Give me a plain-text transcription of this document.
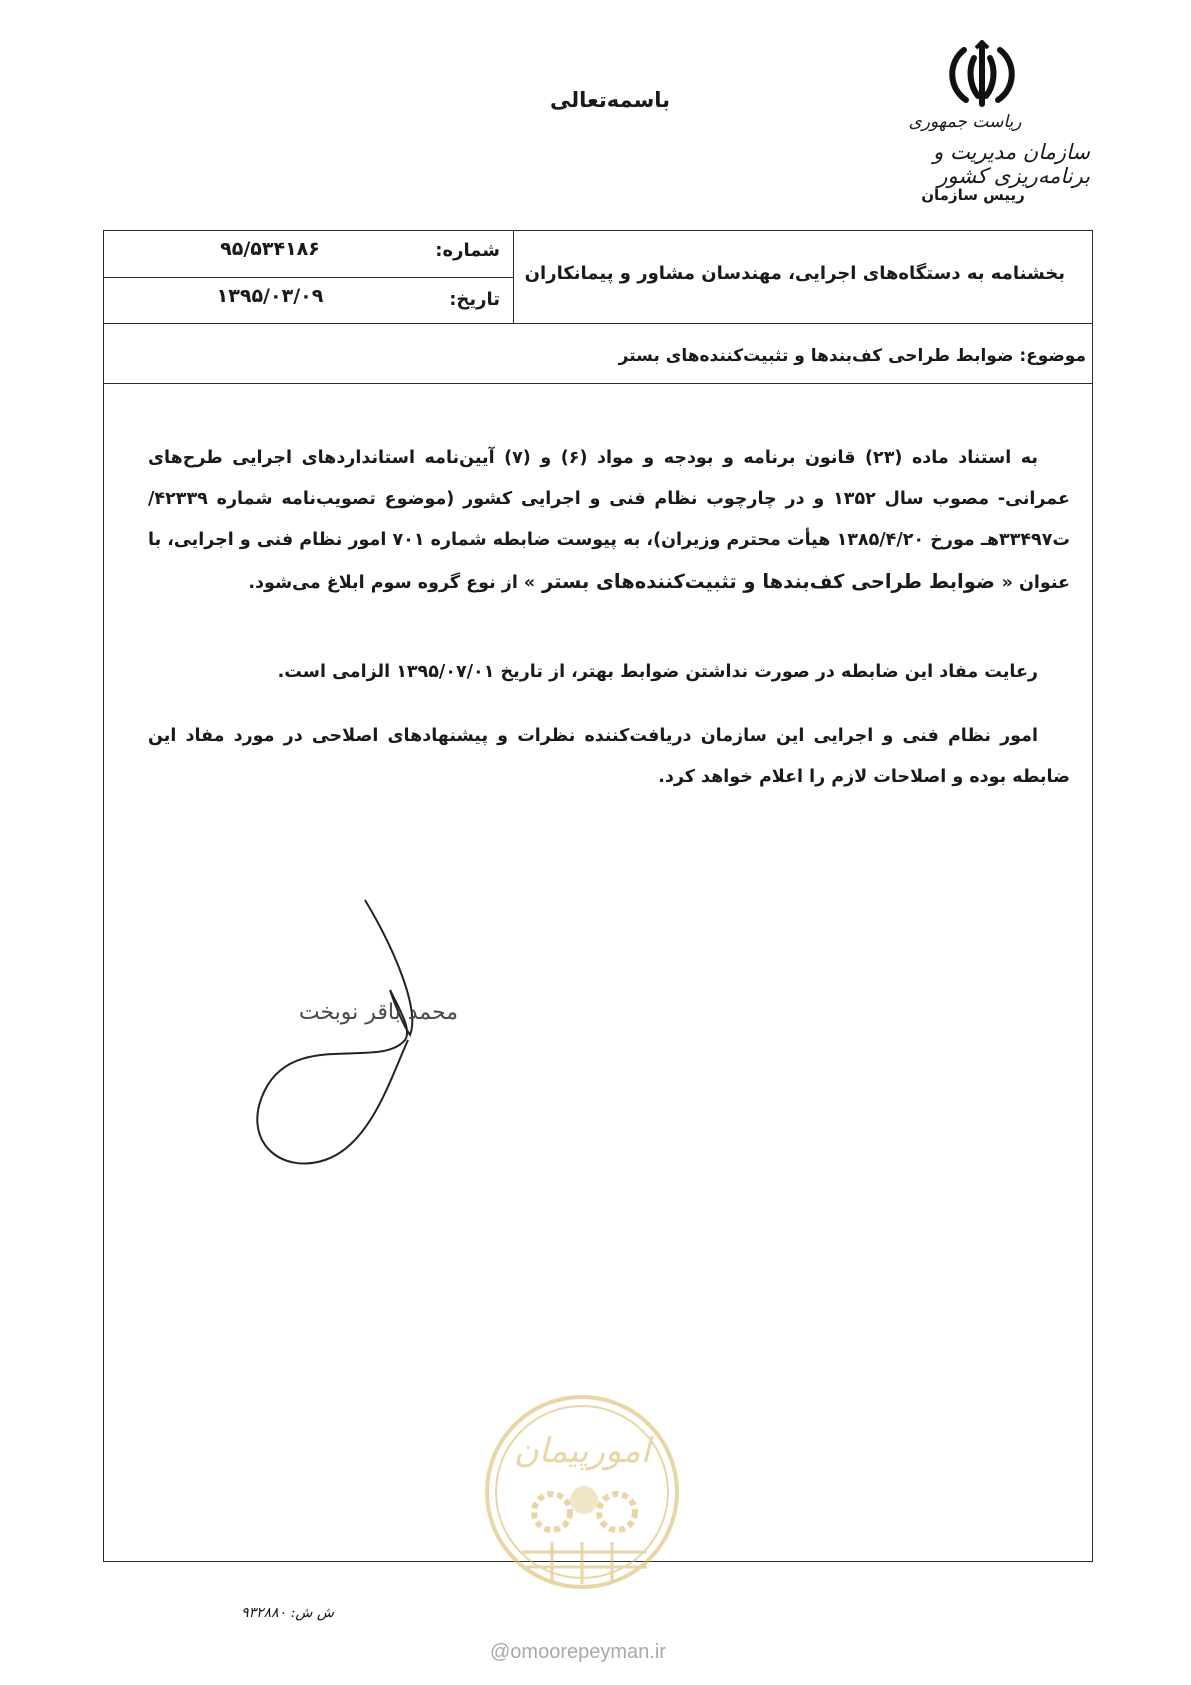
باسمه‌تعالی
ریاست جمهوری
سازمان مدیریت و برنامه‌ریزی کشور
رییس سازمان
شماره:
۹۵/۵۳۴۱۸۶
تاریخ:
۱۳۹۵/۰۳/۰۹
بخشنامه به دستگاه‌های اجرایی، مهندسان مشاور و پیمانکاران
موضوع: ضوابط طراحی کف‌بندها و تثبیت‌کننده‌های بستر

به استناد ماده (۲۳) قانون برنامه و بودجه و مواد (۶) و (۷) آیین‌نامه استانداردهای اجرایی طرح‌های عمرانی- مصوب سال ۱۳۵۲ و در چارچوب نظام فنی و اجرایی کشور (موضوع تصویب‌نامه شماره ۴۲۳۳۹/ت۳۳۴۹۷هـ مورخ ۱۳۸۵/۴/۲۰ هیأت محترم وزیران)، به پیوست ضابطه شماره ۷۰۱ امور نظام فنی و اجرایی، با عنوان « ضوابط طراحی کف‌بندها و تثبیت‌کننده‌های بستر » از نوع گروه سوم ابلاغ می‌شود.

رعایت مفاد این ضابطه در صورت نداشتن ضوابط بهتر، از تاریخ ۱۳۹۵/۰۷/۰۱ الزامی است.

امور نظام فنی و اجرایی این سازمان دریافت‌کننده نظرات و پیشنهادهای اصلاحی در مورد مفاد این ضابطه بوده و اصلاحات لازم را اعلام خواهد کرد.

محمد باقر نوبخت
امورپیمان
@omoorepeyman.ir
ش ش: ۹۳۲۸۸۰
